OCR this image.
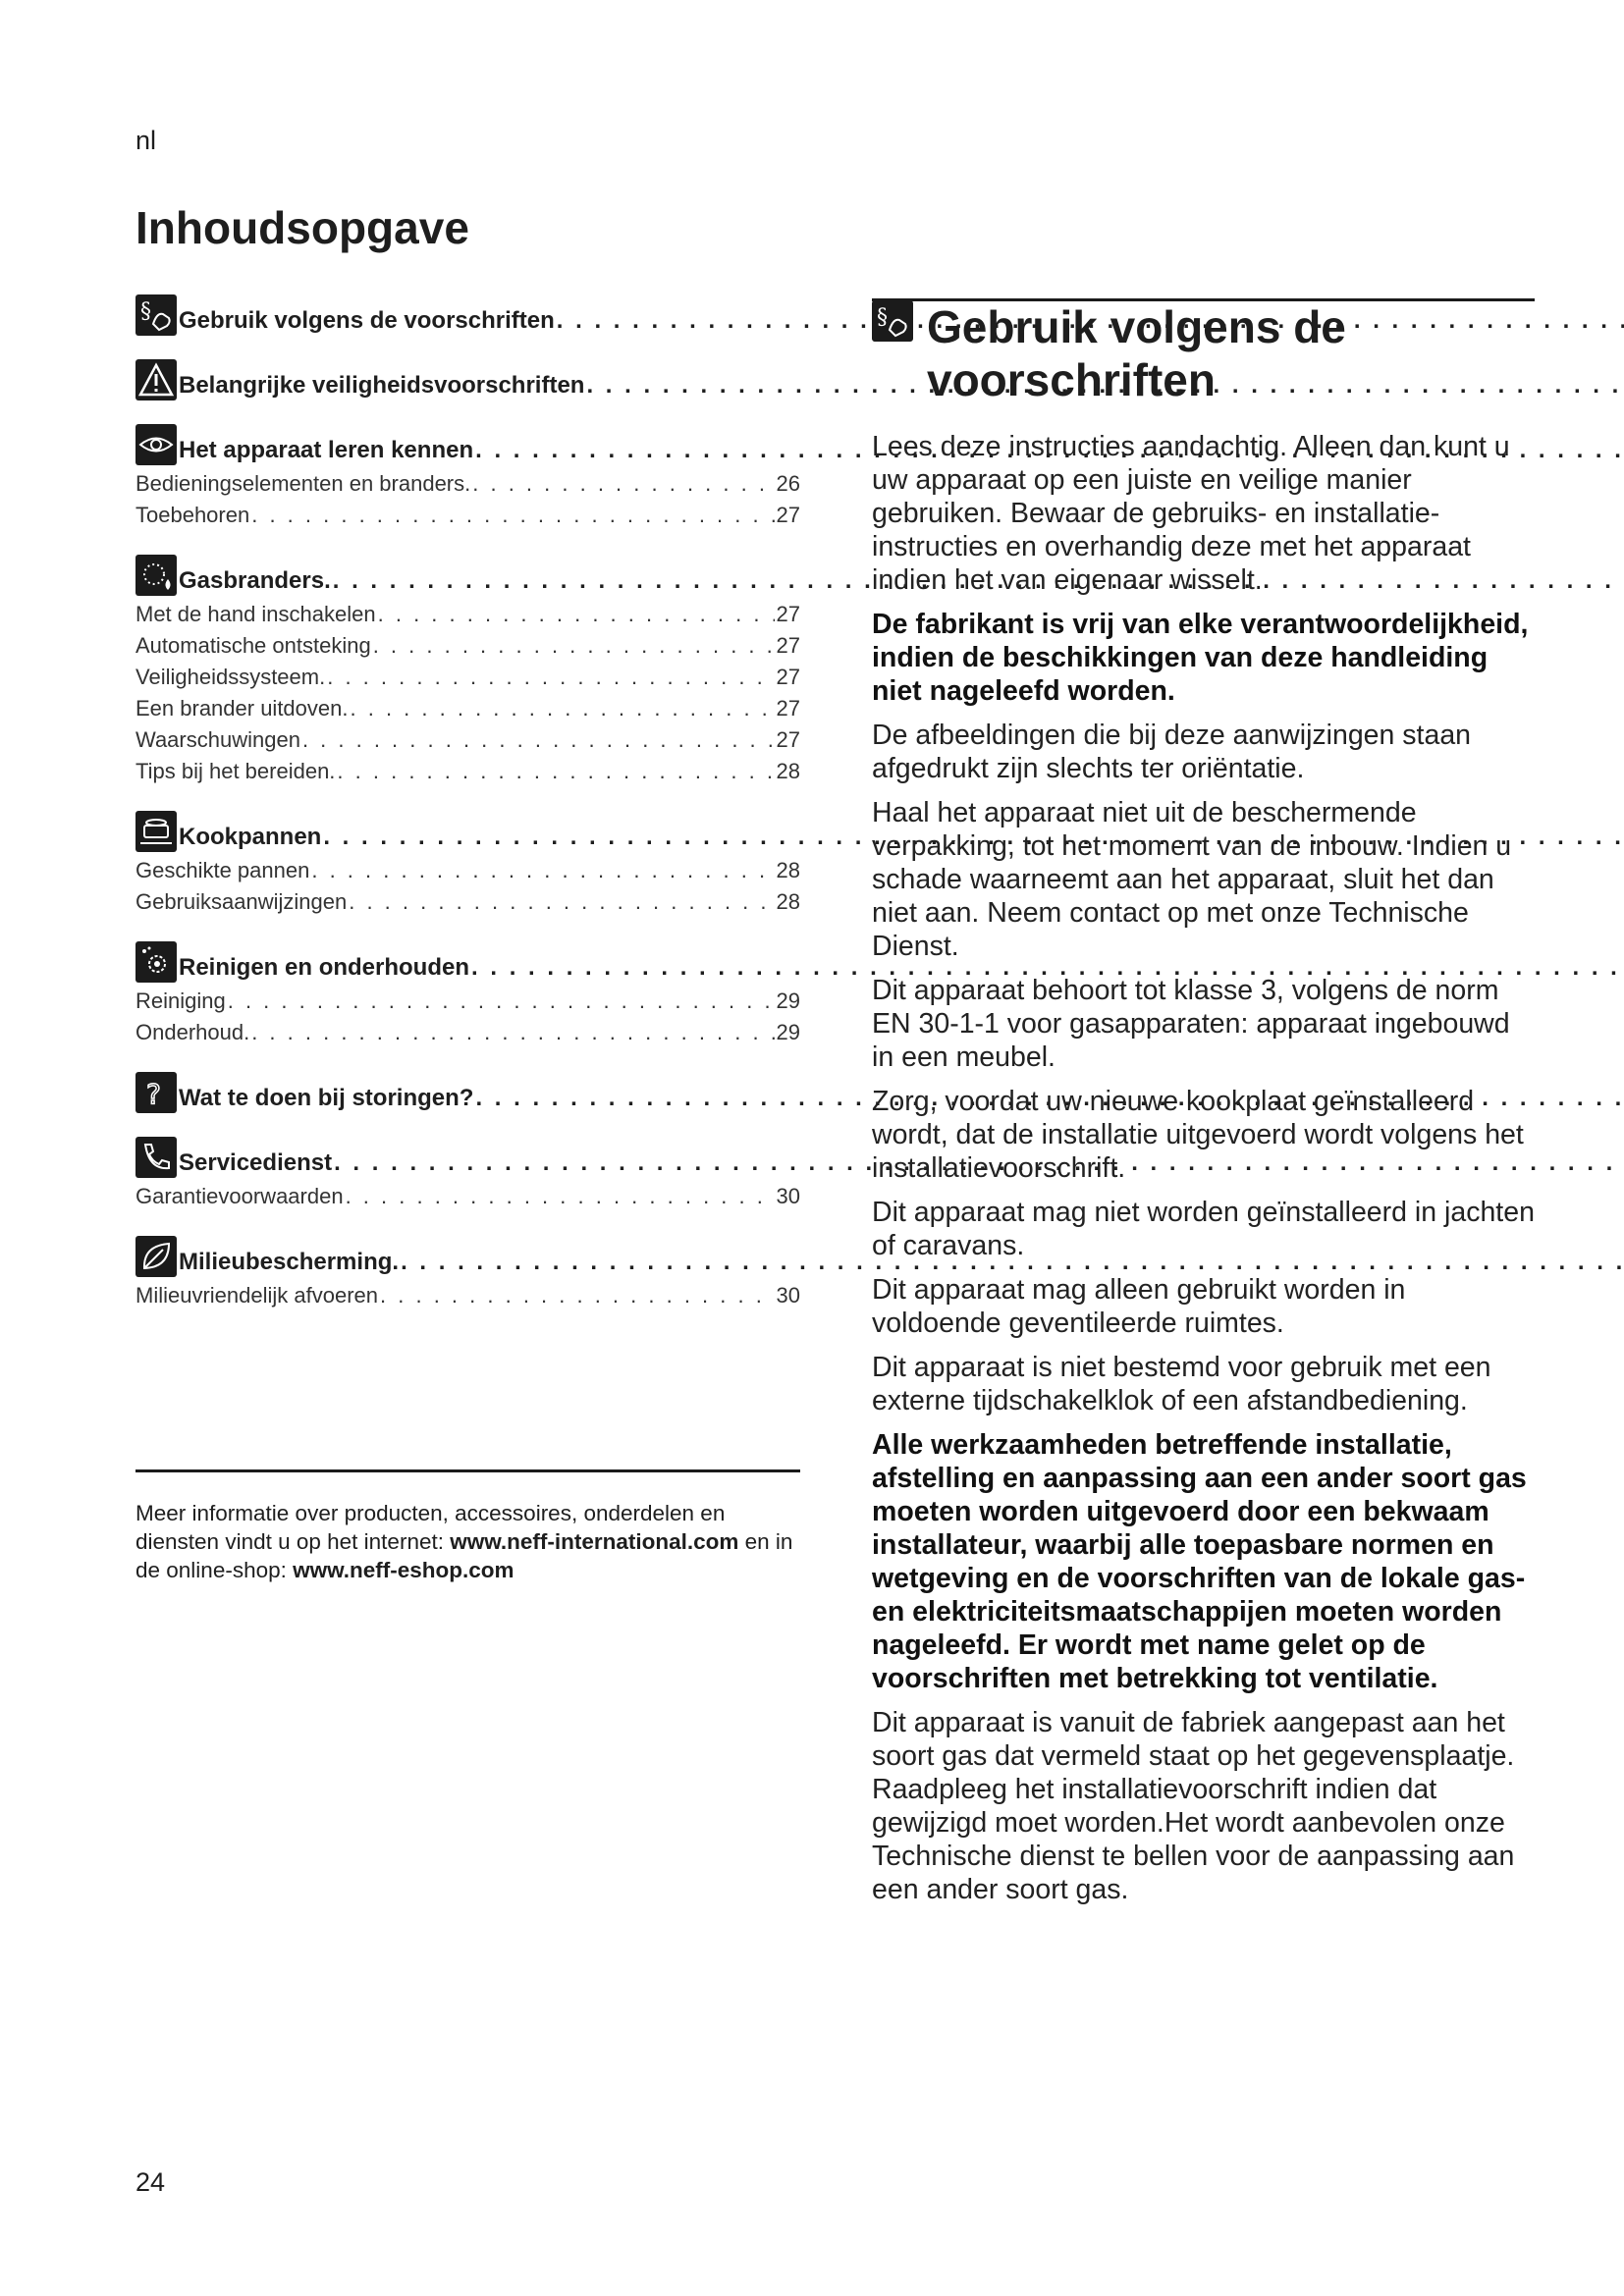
nl
Inhoudsopgave
§ Gebruik volgens de voorschriften
. . .
Belangrijke veiligheidsvoorschriften
. . .
Het apparaat leren kennen
. . .
Bedieningselementen en branders. . . .	26
Toebehoren . . .	27
Gasbranders.
. . .
Met de hand inschakelen . . .	27
Automatische ontsteking . . .	27
Veiligheidssysteem. . . .	27
Een brander uitdoven. . . .	27
Waarschuwingen . . .	27
Tips bij het bereiden. . . .	28
Kookpannen
. . .
Geschikte pannen . . .	28
Gebruiksaanwijzingen . . .	28
Reinigen en onderhouden
. . .
Reiniging . . .	29
Onderhoud. . . .	29
? Wat te doen bij storingen?
. . .
Servicedienst
. . .
Garantievoorwaarden . . .	30
Milieubescherming.
. . .
Milieuvriendelijk afvoeren . . .	30
Meer informatie over producten, accessoires, onderdelen en diensten vindt u op het internet: www.neff-international.com en in de online-shop: www.neff-eshop.com
§ Gebruik volgens de
voorschriften

Lees deze instructies aandachtig. Alleen dan kunt u uw apparaat op een juiste en veilige manier gebruiken. Bewaar de gebruiks- en installatie-instructies en overhandig deze met het apparaat indien het van eigenaar wisselt.

De fabrikant is vrij van elke verantwoordelijkheid, indien de beschikkingen van deze handleiding niet nageleefd worden.

De afbeeldingen die bij deze aanwijzingen staan afgedrukt zijn slechts ter oriëntatie.

Haal het apparaat niet uit de beschermende verpakking, tot het moment van de inbouw. Indien u schade waarneemt aan het apparaat, sluit het dan niet aan. Neem contact op met onze Technische Dienst.

Dit apparaat behoort tot klasse 3, volgens de norm EN 30-1-1 voor gasapparaten: apparaat ingebouwd in een meubel.

Zorg, voordat uw nieuwe kookplaat geïnstalleerd wordt, dat de installatie uitgevoerd wordt volgens het installatievoorschrift.

Dit apparaat mag niet worden geïnstalleerd in jachten of caravans.

Dit apparaat mag alleen gebruikt worden in voldoende geventileerde ruimtes.

Dit apparaat is niet bestemd voor gebruik met een externe tijdschakelklok of een afstandbediening.

Alle werkzaamheden betreffende installatie, afstelling en aanpassing aan een ander soort gas moeten worden uitgevoerd door een bekwaam installateur, waarbij alle toepasbare normen en wetgeving en de voorschriften van de lokale gas- en elektriciteitsmaatschappijen moeten worden nageleefd. Er wordt met name gelet op de voorschriften met betrekking tot ventilatie.

Dit apparaat is vanuit de fabriek aangepast aan het soort gas dat vermeld staat op het gegevensplaatje. Raadpleeg het installatievoorschrift indien dat gewijzigd moet worden.Het wordt aanbevolen onze Technische dienst te bellen voor de aanpassing aan een ander soort gas.

24
